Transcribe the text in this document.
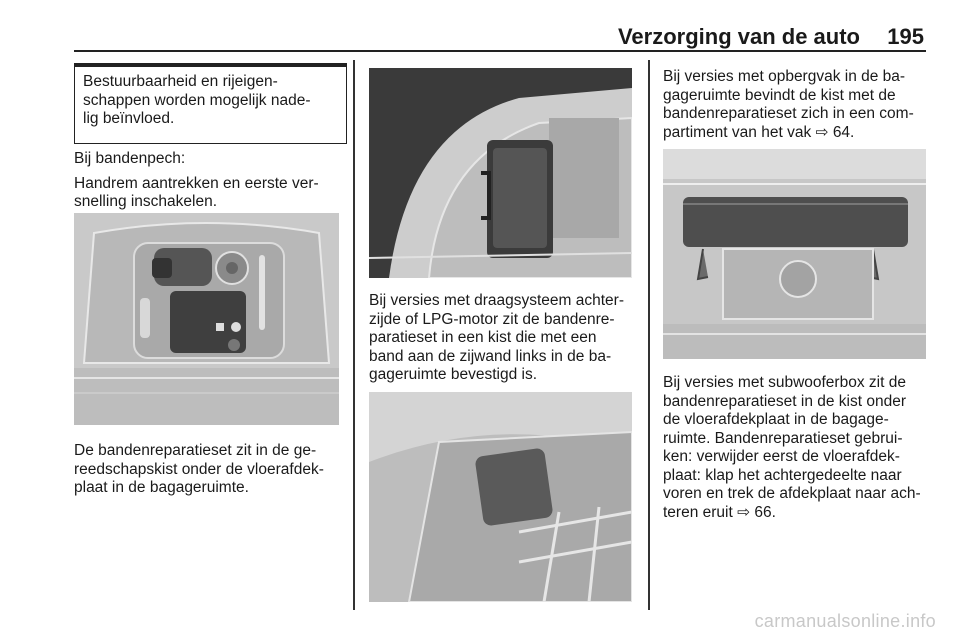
Verzorging van de auto 195

Bestuurbaarheid en rijeigen-

schappen worden mogelijk nade-

lig beïnvloed.

Bij bandenpech:

Handrem aantrekken en eerste ver-

snelling inschakelen.

De bandenreparatieset zit in de ge-

reedschapskist onder de vloerafdek-

plaat in de bagageruimte.

Bij versies met draagsysteem achter-

zijde of LPG-motor zit de bandenre-

paratieset in een kist die met een

band aan de zijwand links in de ba-

gageruimte bevestigd is.

Bij versies met opbergvak in de ba-

gageruimte bevindt de kist met de

bandenreparatieset zich in een com-

partiment van het vak ⇨ 64.

Bij versies met subwooferbox zit de

bandenreparatieset in de kist onder

de vloerafdekplaat in de bagage-

ruimte. Bandenreparatieset gebrui-

ken: verwijder eerst de vloerafdek-

plaat: klap het achtergedeelte naar

voren en trek de afdekplaat naar ach-

teren eruit ⇨ 66.

carmanualsonline.info
